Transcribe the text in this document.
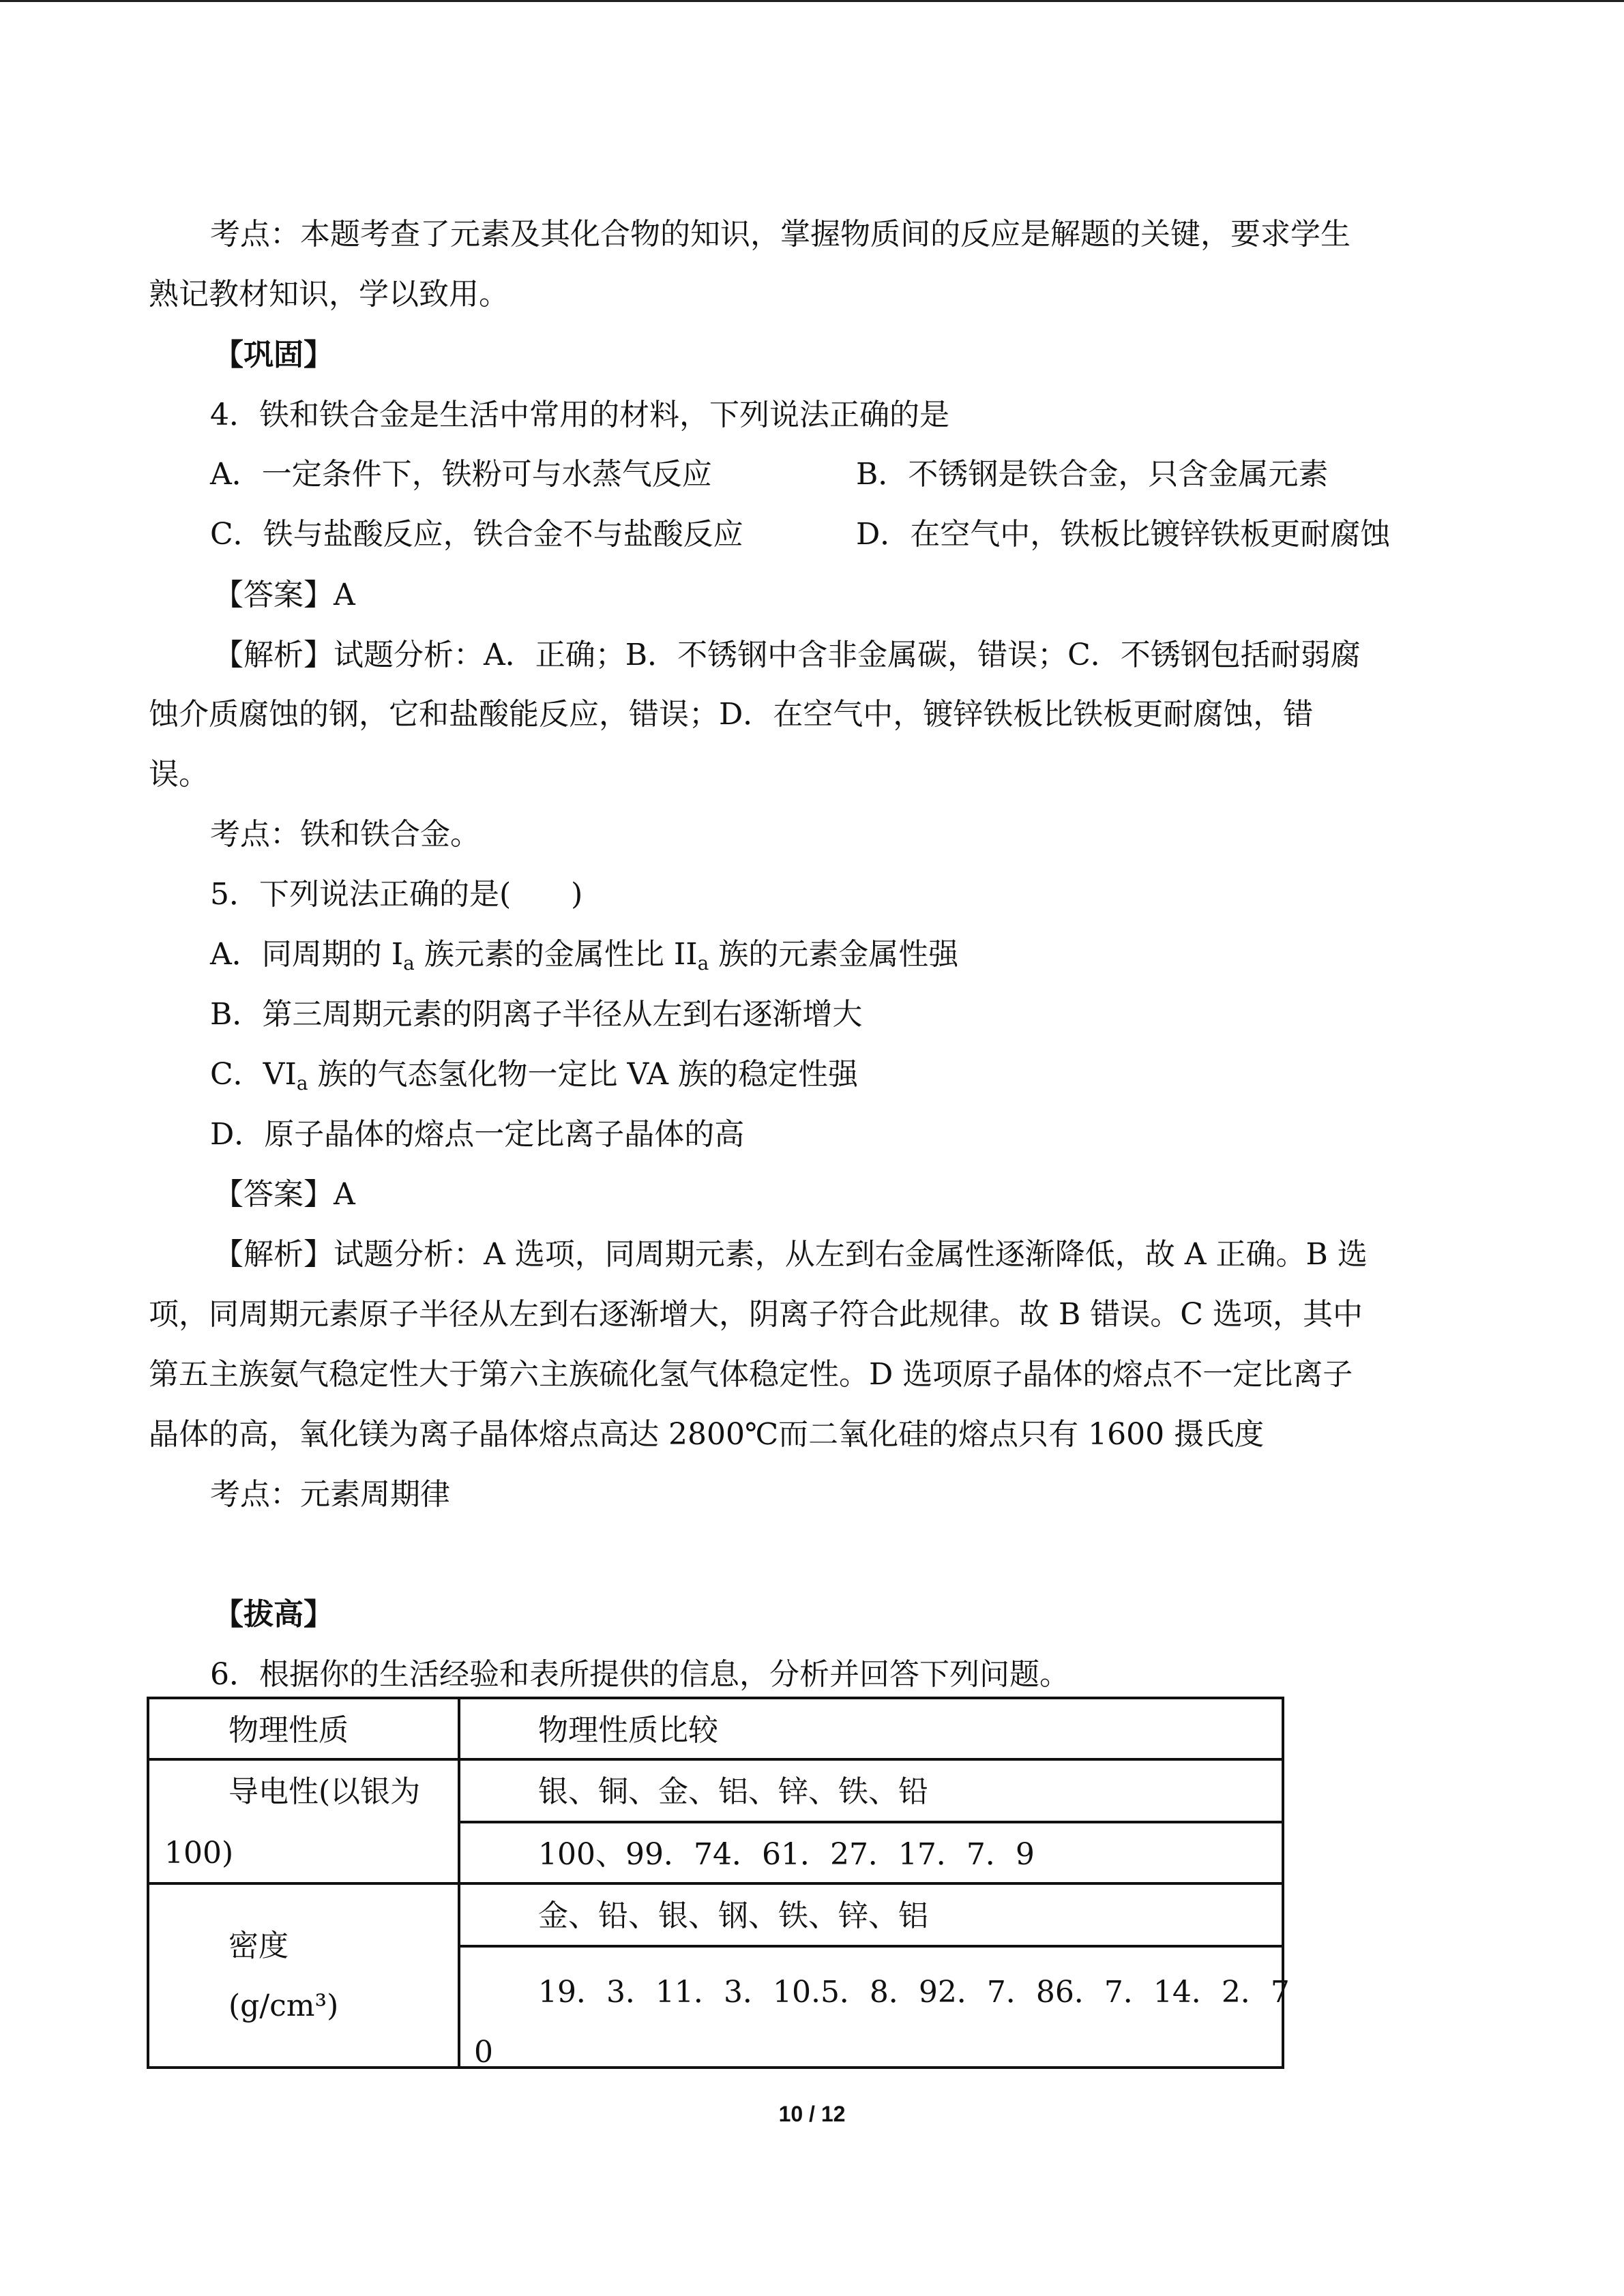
考点：本题考查了元素及其化合物的知识，掌握物质间的反应是解题的关键，要求学生
熟记教材知识，学以致用。
【巩固】
4．铁和铁合金是生活中常用的材料，下列说法正确的是
A．一定条件下，铁粉可与水蒸气反应	B．不锈钢是铁合金，只含金属元素
C．铁与盐酸反应，铁合金不与盐酸反应	D．在空气中，铁板比镀锌铁板更耐腐蚀
【答案】A
【解析】试题分析：A．正确；B．不锈钢中含非金属碳，错误；C．不锈钢包括耐弱腐
蚀介质腐蚀的钢，它和盐酸能反应，错误；D．在空气中，镀锌铁板比铁板更耐腐蚀，错
误。
考点：铁和铁合金。
5．下列说法正确的是(　　)
A．同周期的 $I_a$ 族元素的金属性比 $II_a$ 族的元素金属性强
B．第三周期元素的阴离子半径从左到右逐渐增大
C．$VI_a$ 族的气态氢化物一定比 VA 族的稳定性强
D．原子晶体的熔点一定比离子晶体的高
【答案】A
【解析】试题分析：A 选项，同周期元素，从左到右金属性逐渐降低，故 A 正确。B 选
项，同周期元素原子半径从左到右逐渐增大，阴离子符合此规律。故 B 错误。C 选项，其中
第五主族氨气稳定性大于第六主族硫化氢气体稳定性。D 选项原子晶体的熔点不一定比离子
晶体的高，氧化镁为离子晶体熔点高达 2800℃而二氧化硅的熔点只有 1600 摄氏度
考点：元素周期律
【拔高】
6．根据你的生活经验和表所提供的信息，分析并回答下列问题。
物理性质	物理性质比较

导电性(以银为
100)	银、铜、金、铝、锌、铁、铅

	100、99．74．61．27．17．7．9

密度
(g/cm³)	金、铅、银、钢、铁、锌、铝

	19．3．11．3．10.5．8．92．7．86．7．14．2．7
0
10 / 12
